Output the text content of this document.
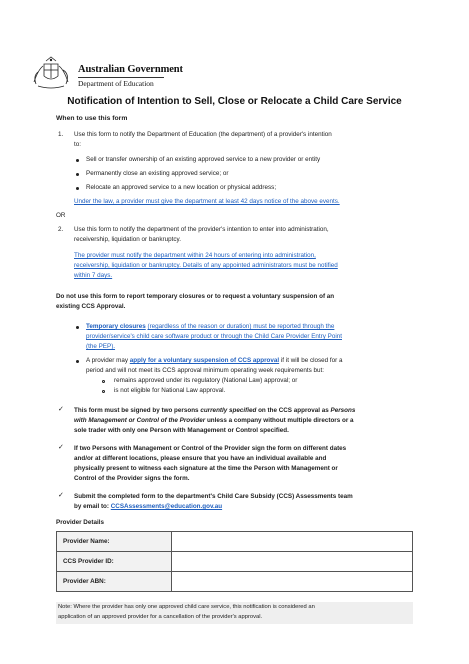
Australian Government
Department of Education
Notification of Intention to Sell, Close or Relocate a Child Care Service
When to use this form
1. Use this form to notify the Department of Education (the department) of a provider's intention
to:
Sell or transfer ownership of an existing approved service to a new provider or entity
Permanently close an existing approved service; or
Relocate an approved service to a new location or physical address;
Under the law, a provider must give the department at least 42 days notice of the above events.
OR
2. Use this form to notify the department of the provider's intention to enter into administration,
receivership, liquidation or bankruptcy.
The provider must notify the department within 24 hours of entering into administration,
receivership, liquidation or bankruptcy. Details of any appointed administrators must be notified
within 7 days.
Do not use this form to report temporary closures or to request a voluntary suspension of an
existing CCS Approval.
Temporary closures (regardless of the reason or duration) must be reported through the
provider/service's child care software product or through the Child Care Provider Entry Point
(the PEP).
A provider may apply for a voluntary suspension of CCS approval if it will be closed for a
period and will not meet its CCS approval minimum operating week requirements but:
remains approved under its regulatory (National Law) approval; or
is not eligible for National Law approval.
✓ This form must be signed by two persons currently specified on the CCS approval as Persons
with Management or Control of the Provider unless a company without multiple directors or a
sole trader with only one Person with Management or Control specified.
✓ If two Persons with Management or Control of the Provider sign the form on different dates
and/or at different locations, please ensure that you have an individual available and
physically present to witness each signature at the time the Person with Management or
Control of the Provider signs the form.
✓ Submit the completed form to the department's Child Care Subsidy (CCS) Assessments team
by email to: CCSAssessments@education.gov.au
Provider Details
Provider Name:	
CCS Provider ID:	
Provider ABN:	
Note: Where the provider has only one approved child care service, this notification is considered an
application of an approved provider for a cancellation of the provider's approval.
